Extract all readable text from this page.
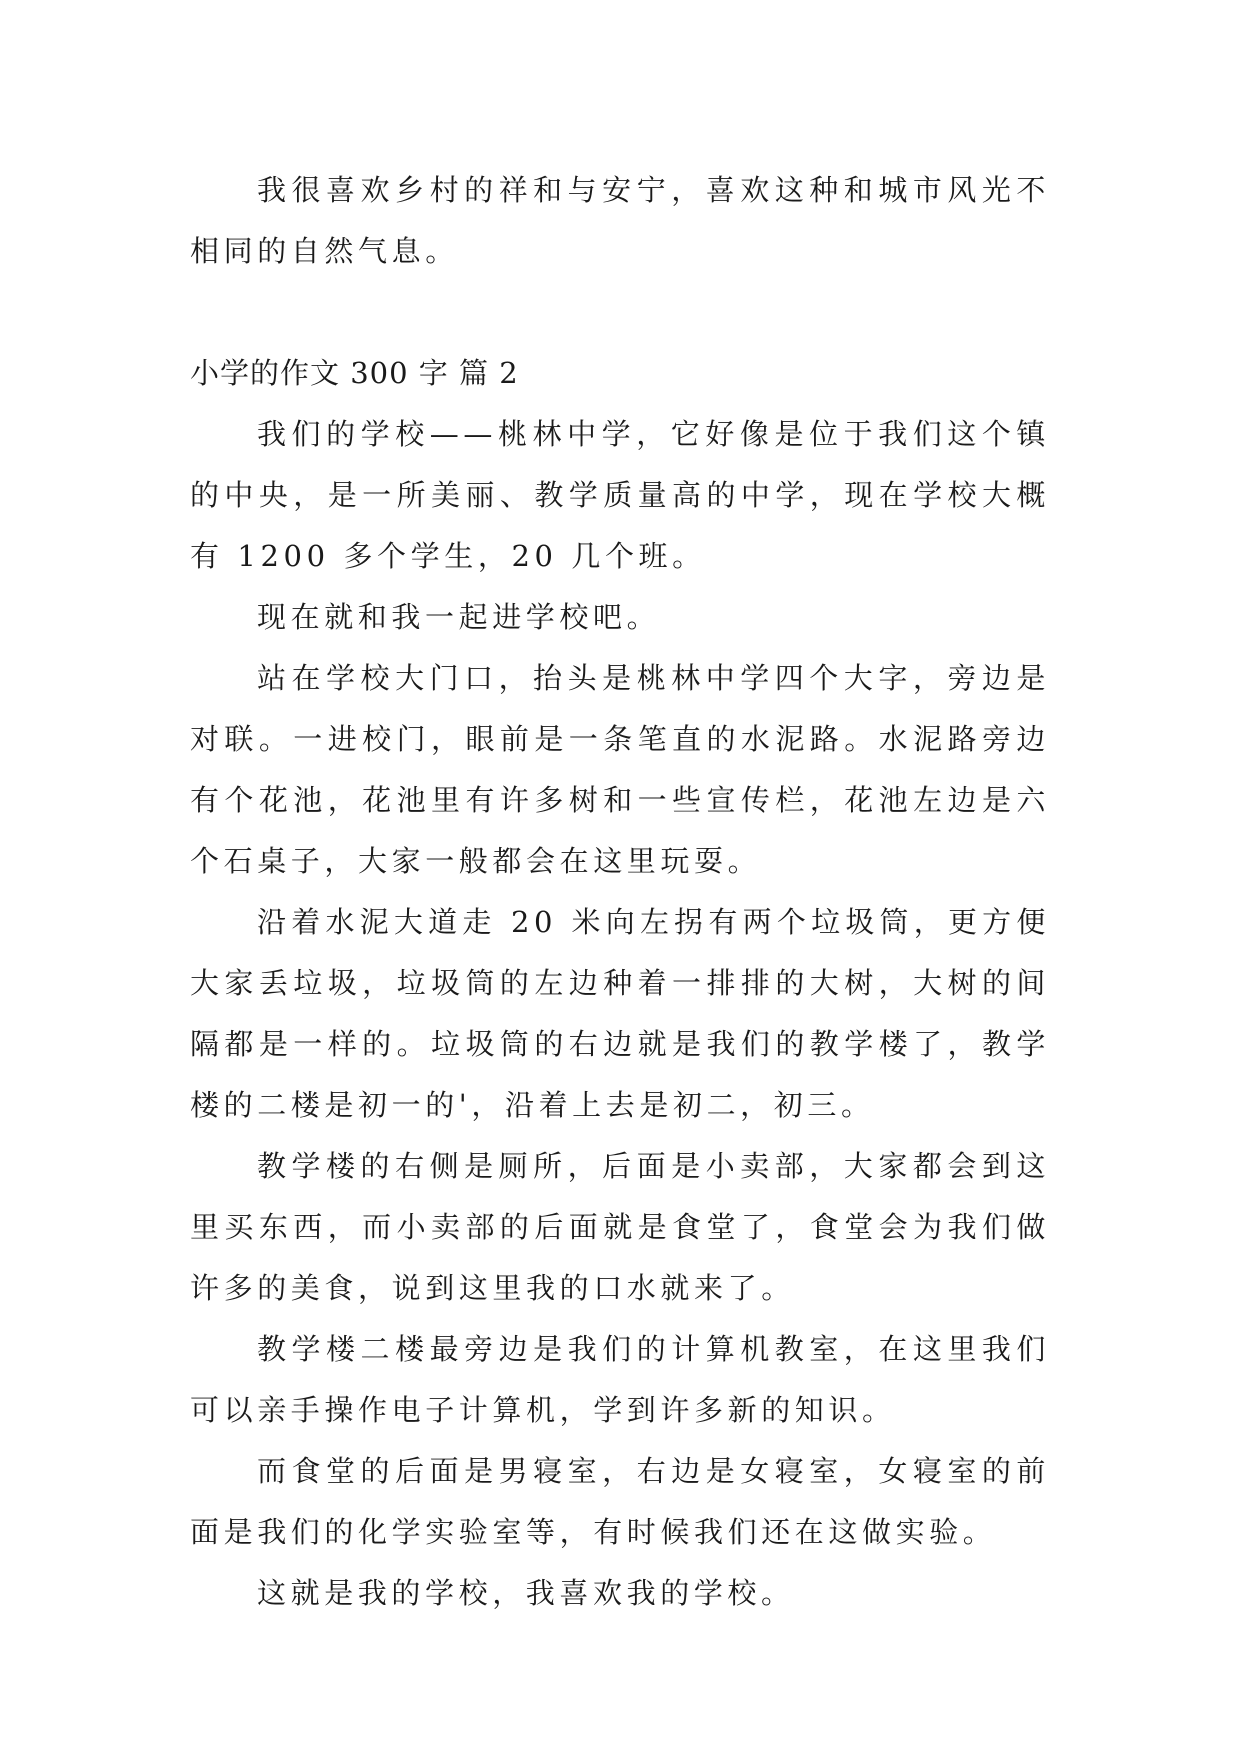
我很喜欢乡村的祥和与安宁，喜欢这种和城市风光不相同的自然气息。

小学的作文 300 字 篇 2

我们的学校——桃林中学，它好像是位于我们这个镇的中央，是一所美丽、教学质量高的中学，现在学校大概有 1200 多个学生，20 几个班。

现在就和我一起进学校吧。

站在学校大门口，抬头是桃林中学四个大字，旁边是对联。一进校门，眼前是一条笔直的水泥路。水泥路旁边有个花池，花池里有许多树和一些宣传栏，花池左边是六个石桌子，大家一般都会在这里玩耍。

沿着水泥大道走 20 米向左拐有两个垃圾筒，更方便大家丢垃圾，垃圾筒的左边种着一排排的大树，大树的间隔都是一样的。垃圾筒的右边就是我们的教学楼了，教学楼的二楼是初一的'，沿着上去是初二，初三。

教学楼的右侧是厕所，后面是小卖部，大家都会到这里买东西，而小卖部的后面就是食堂了，食堂会为我们做许多的美食，说到这里我的口水就来了。

教学楼二楼最旁边是我们的计算机教室，在这里我们可以亲手操作电子计算机，学到许多新的知识。

而食堂的后面是男寝室，右边是女寝室，女寝室的前面是我们的化学实验室等，有时候我们还在这做实验。

这就是我的学校，我喜欢我的学校。
